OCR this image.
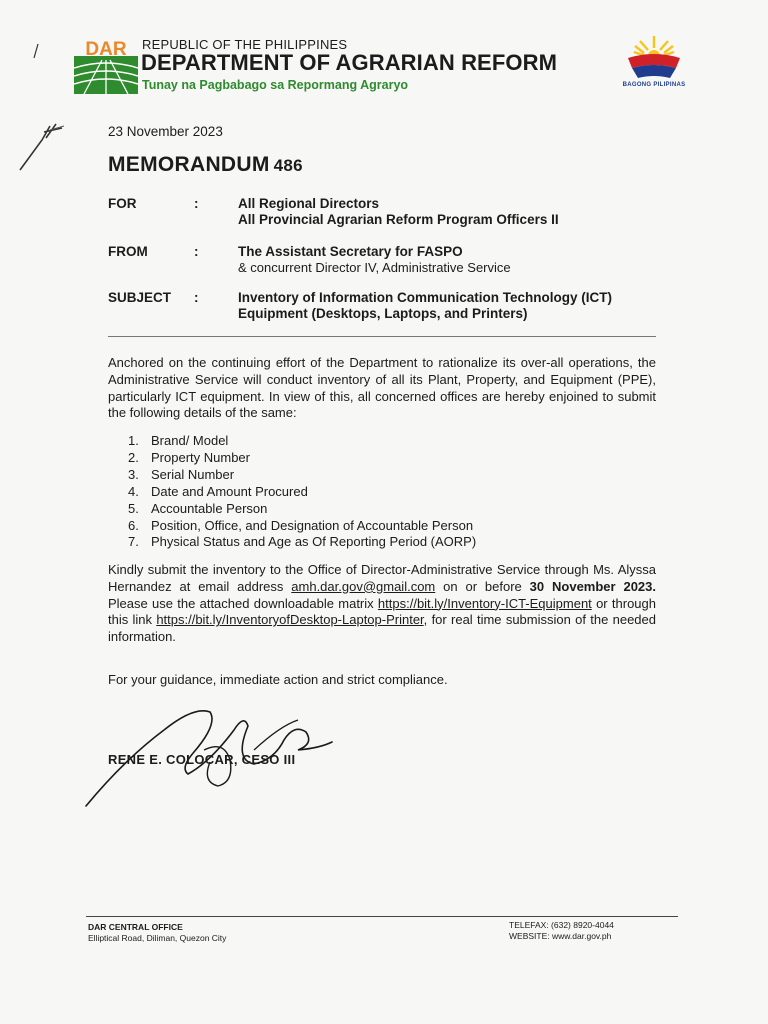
DAR REPUBLIC OF THE PHILIPPINES
DEPARTMENT OF AGRARIAN REFORM
Tunay na Pagbabago sa Repormang Agraryo	BAGONG PILIPINAS
23 November 2023
MEMORANDUM 486
FOR	:	All Regional Directors
All Provincial Agrarian Reform Program Officers II
FROM	:	The Assistant Secretary for FASPO
& concurrent Director IV, Administrative Service
SUBJECT	:	Inventory of Information Communication Technology (ICT)
Equipment (Desktops, Laptops, and Printers)
Anchored on the continuing effort of the Department to rationalize its over-all operations, the Administrative Service will conduct inventory of all its Plant, Property, and Equipment (PPE), particularly ICT equipment. In view of this, all concerned offices are hereby enjoined to submit the following details of the same:
1. Brand/ Model
2. Property Number
3. Serial Number
4. Date and Amount Procured
5. Accountable Person
6. Position, Office, and Designation of Accountable Person
7. Physical Status and Age as Of Reporting Period (AORP)
Kindly submit the inventory to the Office of Director-Administrative Service through Ms. Alyssa Hernandez at email address amh.dar.gov@gmail.com on or before 30 November 2023. Please use the attached downloadable matrix https://bit.ly/Inventory-ICT-Equipment or through this link https://bit.ly/InventoryofDesktop-Laptop-Printer, for real time submission of the needed information.
For your guidance, immediate action and strict compliance.
RENE E. COLOCAR, CESO III
DAR CENTRAL OFFICE
Elliptical Road, Diliman, Quezon City
TELEFAX: (632) 8920-4044
WEBSITE: www.dar.gov.ph
